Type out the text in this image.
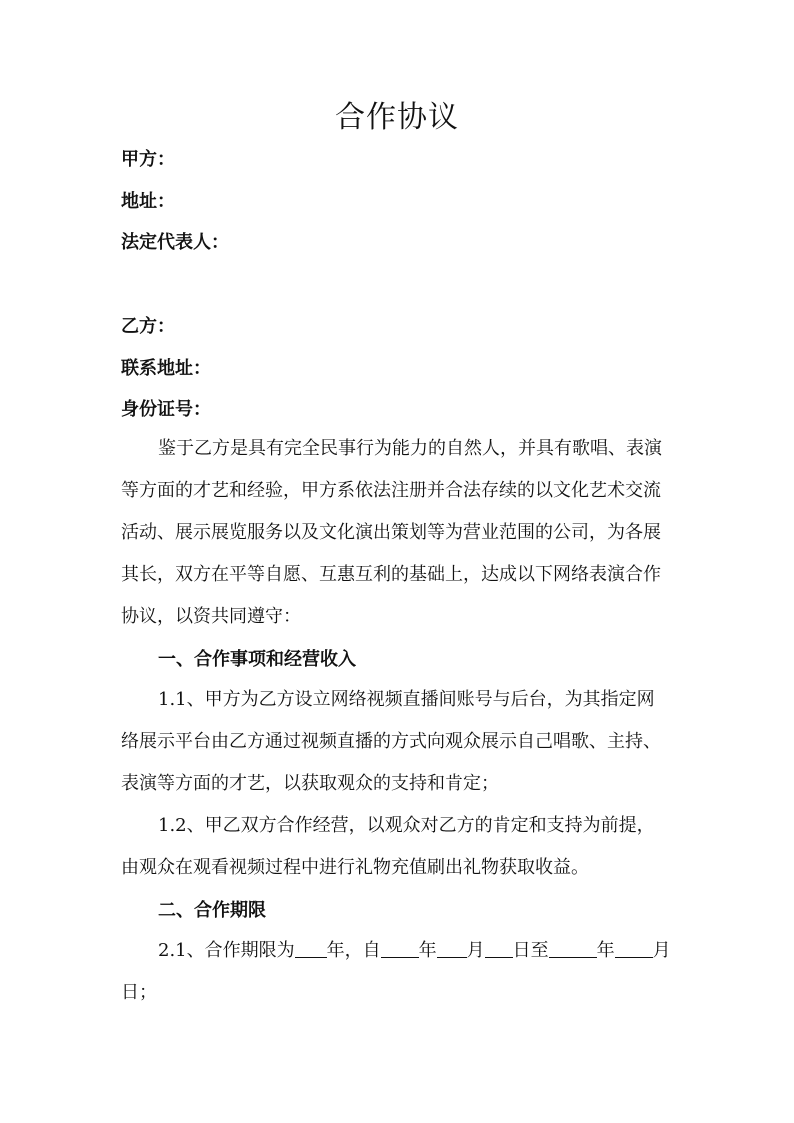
合作协议
甲方：
地址：
法定代表人：
乙方：
联系地址：
身份证号：
鉴于乙方是具有完全民事行为能力的自然人，并具有歌唱、表演
等方面的才艺和经验，甲方系依法注册并合法存续的以文化艺术交流
活动、展示展览服务以及文化演出策划等为营业范围的公司，为各展
其长，双方在平等自愿、互惠互利的基础上，达成以下网络表演合作
协议，以资共同遵守：
一、合作事项和经营收入
1.1、甲方为乙方设立网络视频直播间账号与后台，为其指定网
络展示平台由乙方通过视频直播的方式向观众展示自己唱歌、主持、
表演等方面的才艺，以获取观众的支持和肯定；
1.2、甲乙双方合作经营，以观众对乙方的肯定和支持为前提，
由观众在观看视频过程中进行礼物充值刷出礼物获取收益。
二、合作期限
2.1、合作期限为 年，自 年 月 日至	年 月
日；
